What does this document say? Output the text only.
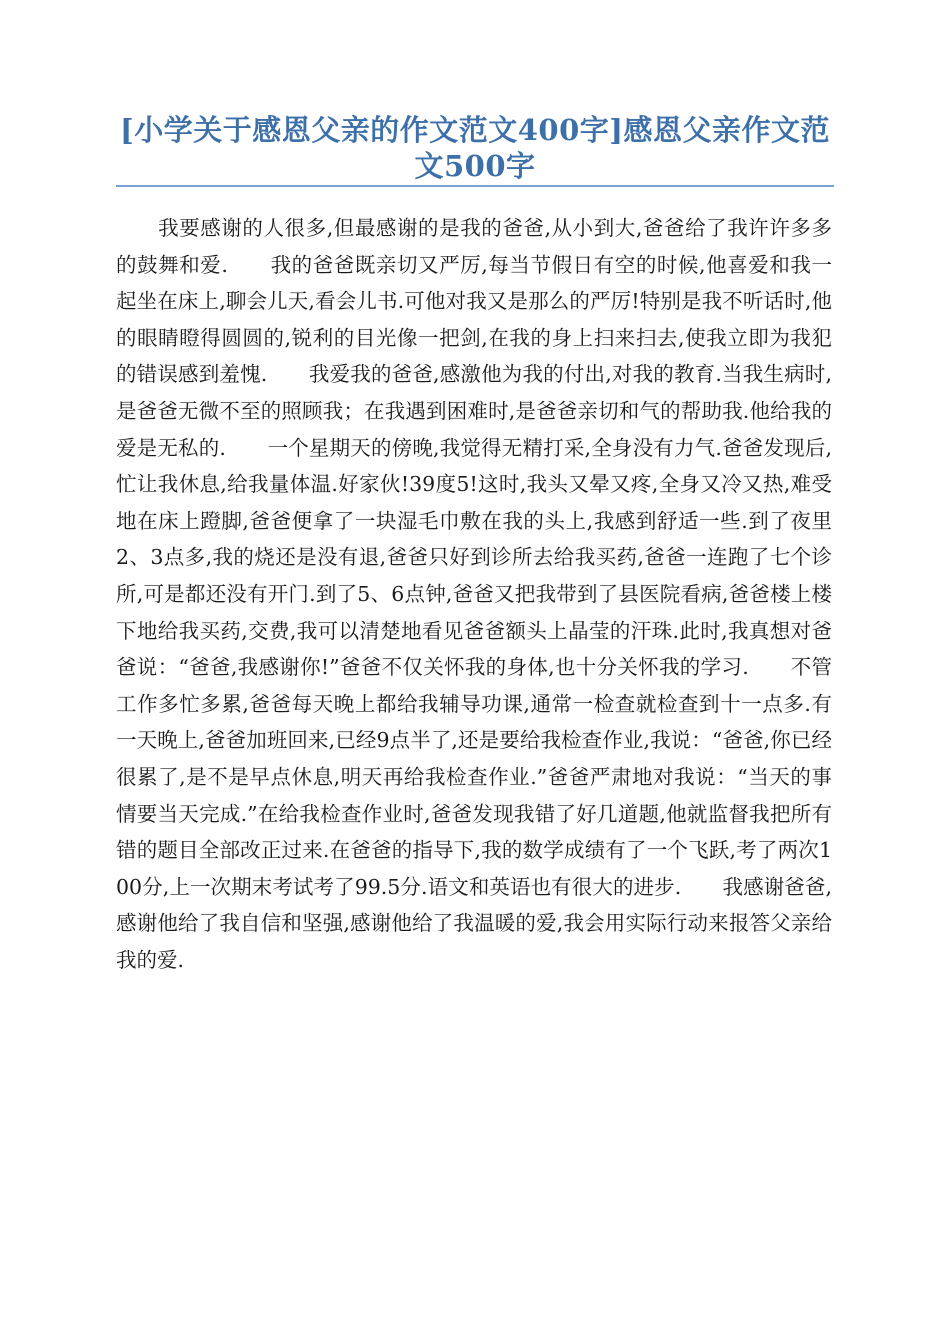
[小学关于感恩父亲的作文范文400字]感恩父亲作文范文500字

　　我要感谢的人很多,但最感谢的是我的爸爸,从小到大,爸爸给了我许许多多的鼓舞和爱.　　我的爸爸既亲切又严厉,每当节假日有空的时候,他喜爱和我一起坐在床上,聊会儿天,看会儿书.可他对我又是那么的严厉!特别是我不听话时,他的眼睛瞪得圆圆的,锐利的目光像一把剑,在我的身上扫来扫去,使我立即为我犯的错误感到羞愧.　　我爱我的爸爸,感激他为我的付出,对我的教育.当我生病时,是爸爸无微不至的照顾我；在我遇到困难时,是爸爸亲切和气的帮助我.他给我的爱是无私的.　　一个星期天的傍晚,我觉得无精打采,全身没有力气.爸爸发现后,忙让我休息,给我量体温.好家伙!39度5!这时,我头又晕又疼,全身又冷又热,难受地在床上蹬脚,爸爸便拿了一块湿毛巾敷在我的头上,我感到舒适一些.到了夜里2、3点多,我的烧还是没有退,爸爸只好到诊所去给我买药,爸爸一连跑了七个诊所,可是都还没有开门.到了5、6点钟,爸爸又把我带到了县医院看病,爸爸楼上楼下地给我买药,交费,我可以清楚地看见爸爸额头上晶莹的汗珠.此时,我真想对爸爸说：“爸爸,我感谢你!”爸爸不仅关怀我的身体,也十分关怀我的学习.　　不管工作多忙多累,爸爸每天晚上都给我辅导功课,通常一检查就检查到十一点多.有一天晚上,爸爸加班回来,已经9点半了,还是要给我检查作业,我说：“爸爸,你已经很累了,是不是早点休息,明天再给我检查作业.”爸爸严肃地对我说：“当天的事情要当天完成.”在给我检查作业时,爸爸发现我错了好几道题,他就监督我把所有错的题目全部改正过来.在爸爸的指导下,我的数学成绩有了一个飞跃,考了两次100分,上一次期末考试考了99.5分.语文和英语也有很大的进步.　　我感谢爸爸,感谢他给了我自信和坚强,感谢他给了我温暖的爱,我会用实际行动来报答父亲给我的爱.
